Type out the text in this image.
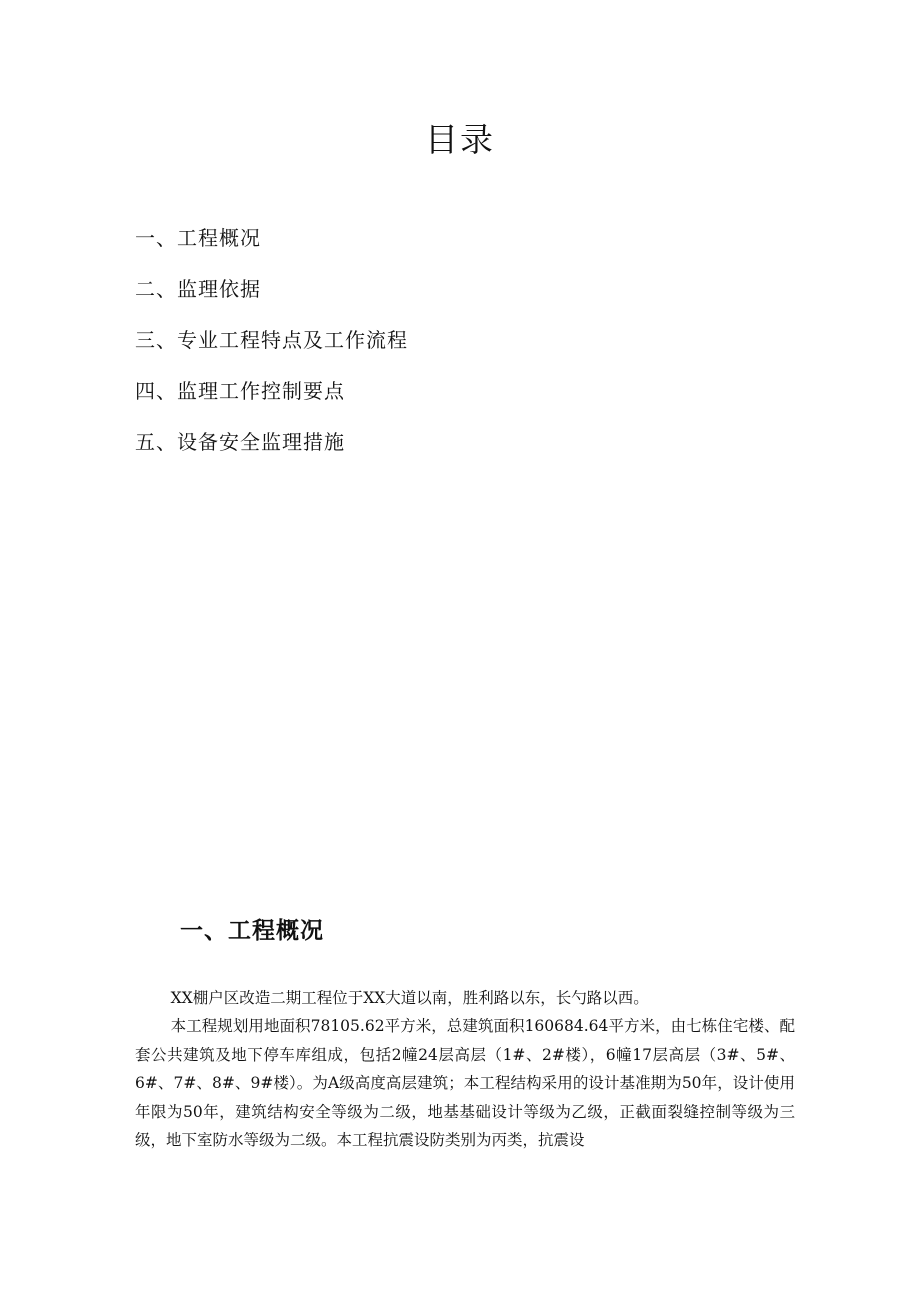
目录
一、工程概况
二、监理依据
三、专业工程特点及工作流程
四、监理工作控制要点
五、设备安全监理措施
一、工程概况

XX棚户区改造二期工程位于XX大道以南，胜利路以东，长勺路以西。

本工程规划用地面积78105.62平方米，总建筑面积160684.64平方米，由七栋住宅楼、配套公共建筑及地下停车库组成，包括2幢24层高层（1#、2#楼），6幢17层高层（3#、5#、6#、7#、8#、9#楼）。为A级高度高层建筑；本工程结构采用的设计基准期为50年，设计使用年限为50年，建筑结构安全等级为二级，地基基础设计等级为乙级，正截面裂缝控制等级为三级，地下室防水等级为二级。本工程抗震设防类别为丙类，抗震设
